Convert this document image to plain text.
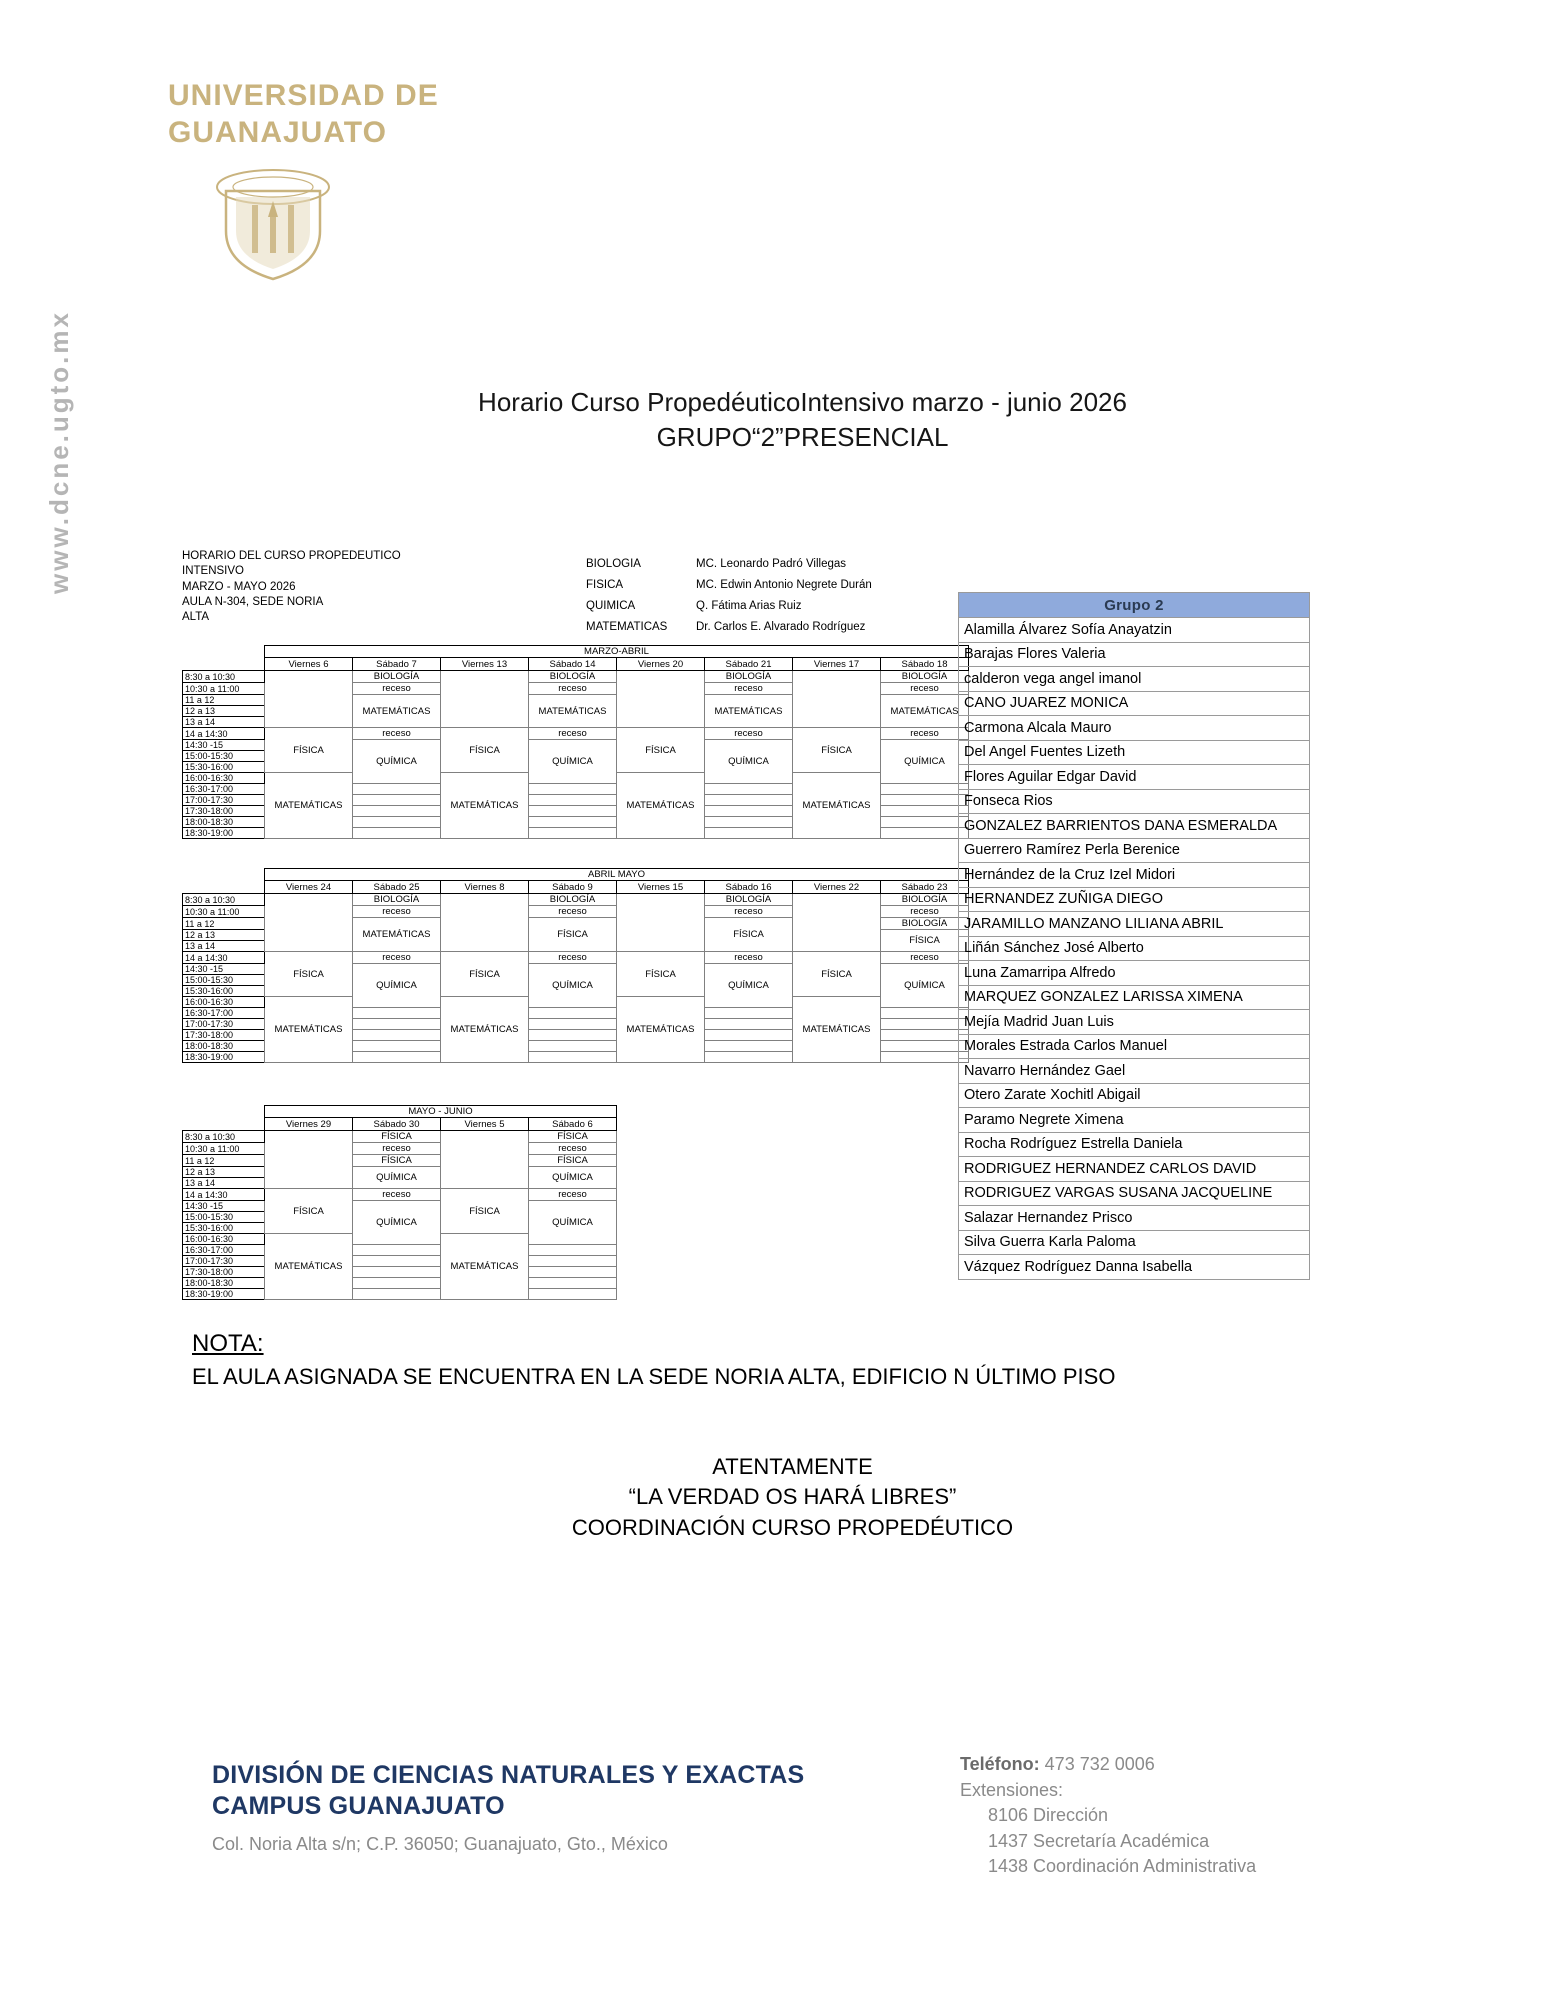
www.dcne.ugto.mx
UNIVERSIDAD DE
GUANAJUATO
Horario Curso PropedéuticoIntensivo marzo - junio 2026
GRUPO“2”PRESENCIAL
HORARIO DEL CURSO PROPEDEUTICO
INTENSIVO
MARZO - MAYO 2026
AULA N-304, SEDE NORIA
ALTA
BIOLOGIA	MC. Leonardo Padró Villegas
FISICA	MC. Edwin Antonio Negrete Durán
QUIMICA	Q. Fátima Arias Ruiz
MATEMATICAS	Dr. Carlos E. Alvarado Rodríguez
	MARZO-ABRIL							
	Viernes 6	Sábado 7	Viernes 13	Sábado 14	Viernes 20	Sábado 21	Viernes 17	Sábado 18
8:30 a 10:30		BIOLOGÍA		BIOLOGÍA		BIOLOGÍA		BIOLOGÍA
10:30 a 11:00		receso		receso		receso		receso
11 a 12		MATEMÁTICAS		MATEMÁTICAS		MATEMÁTICAS		MATEMÁTICAS
12 a 13								
13 a 14								
14 a 14:30	FÍSICA	receso	FÍSICA	receso	FÍSICA	receso	FÍSICA	receso
14:30 -15		QUÍMICA		QUÍMICA		QUÍMICA		QUÍMICA
15:00-15:30								
15:30-16:00								
16:00-16:30	MATEMÁTICAS		MATEMÁTICAS		MATEMÁTICAS		MATEMÁTICAS	
16:30-17:00								
17:00-17:30								
17:30-18:00								
18:00-18:30								
18:30-19:00								
	ABRIL MAYO							
	Viernes 24	Sábado 25	Viernes 8	Sábado 9	Viernes 15	Sábado 16	Viernes 22	Sábado 23
8:30 a 10:30		BIOLOGÍA		BIOLOGÍA		BIOLOGÍA		BIOLOGÍA
10:30 a 11:00		receso		receso		receso		receso
11 a 12		MATEMÁTICAS		FÍSICA		FÍSICA		BIOLOGÍA
12 a 13								FÍSICA
13 a 14								
14 a 14:30	FÍSICA	receso	FÍSICA	receso	FÍSICA	receso	FÍSICA	receso
14:30 -15		QUÍMICA		QUÍMICA		QUÍMICA		QUÍMICA
15:00-15:30								
15:30-16:00								
16:00-16:30	MATEMÁTICAS		MATEMÁTICAS		MATEMÁTICAS		MATEMÁTICAS	
16:30-17:00								
17:00-17:30								
17:30-18:00								
18:00-18:30								
18:30-19:00								
	MAYO - JUNIO			
	Viernes 29	Sábado 30	Viernes 5	Sábado 6
8:30 a 10:30		FÍSICA		FÍSICA
10:30 a 11:00		receso		receso
11 a 12		FÍSICA		FÍSICA
12 a 13		QUÍMICA		QUÍMICA
13 a 14				
14 a 14:30	FÍSICA	receso	FÍSICA	receso
14:30 -15		QUÍMICA		QUÍMICA
15:00-15:30				
15:30-16:00				
16:00-16:30	MATEMÁTICAS		MATEMÁTICAS	
16:30-17:00				
17:00-17:30				
17:30-18:00				
18:00-18:30				
18:30-19:00				
Grupo 2
Alamilla Álvarez Sofía Anayatzin
Barajas Flores Valeria
calderon vega angel imanol
CANO JUAREZ MONICA
Carmona Alcala Mauro
Del Angel Fuentes Lizeth
Flores Aguilar Edgar David
Fonseca Rios
GONZALEZ BARRIENTOS DANA ESMERALDA
Guerrero Ramírez Perla Berenice
Hernández de la Cruz Izel Midori
HERNANDEZ ZUÑIGA DIEGO
JARAMILLO MANZANO LILIANA ABRIL
Liñán Sánchez José Alberto
Luna Zamarripa Alfredo
MARQUEZ GONZALEZ LARISSA XIMENA
Mejía Madrid Juan Luis
Morales Estrada Carlos Manuel
Navarro Hernández Gael
Otero Zarate Xochitl Abigail
Paramo Negrete Ximena
Rocha Rodríguez Estrella Daniela
RODRIGUEZ HERNANDEZ CARLOS DAVID
RODRIGUEZ VARGAS SUSANA JACQUELINE
Salazar Hernandez Prisco
Silva Guerra Karla Paloma
Vázquez Rodríguez Danna Isabella
NOTA:
EL AULA ASIGNADA SE ENCUENTRA EN LA SEDE NORIA ALTA, EDIFICIO N ÚLTIMO PISO
ATENTAMENTE
“LA VERDAD OS HARÁ LIBRES”
COORDINACIÓN CURSO PROPEDÉUTICO
DIVISIÓN DE CIENCIAS NATURALES Y EXACTAS
CAMPUS GUANAJUATO
Col. Noria Alta s/n; C.P. 36050; Guanajuato, Gto., México
Teléfono: 473 732 0006
Extensiones:
8106 Dirección
1437 Secretaría Académica
1438 Coordinación Administrativa
